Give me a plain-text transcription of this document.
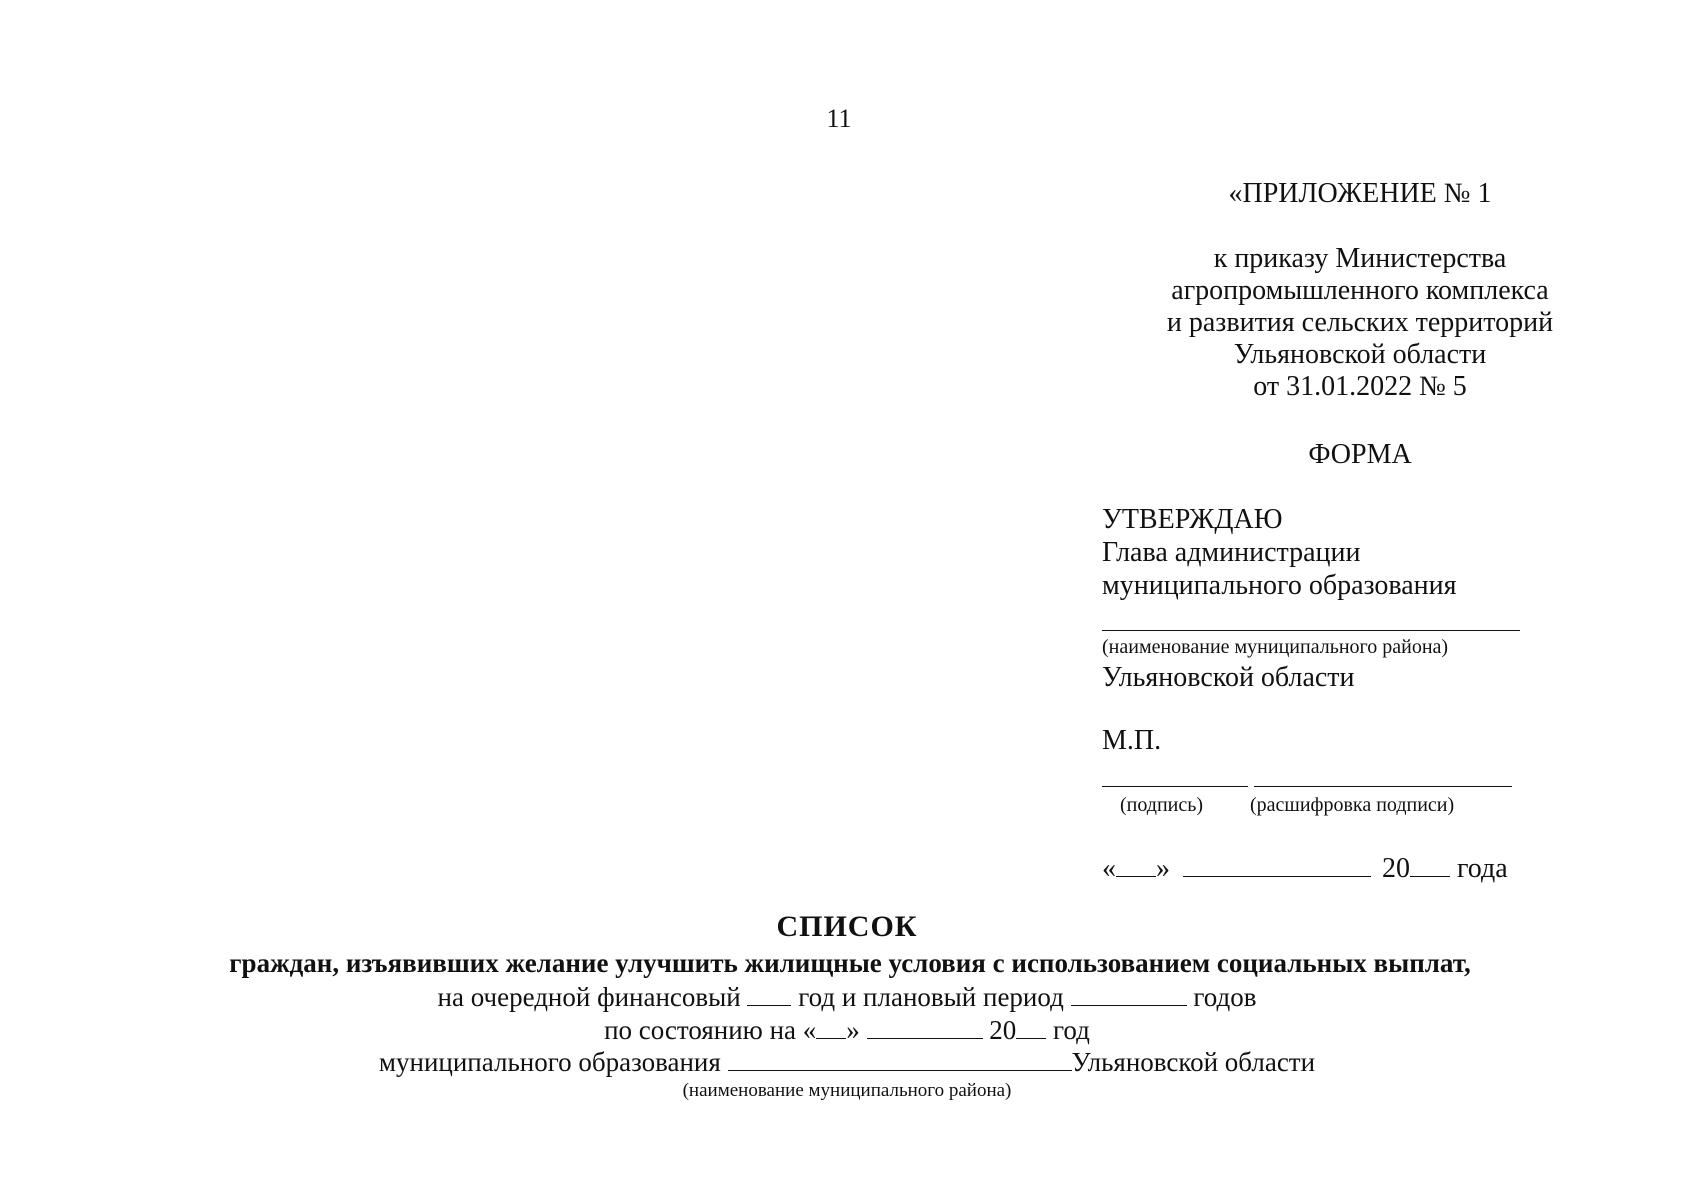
11
«ПРИЛОЖЕНИЕ № 1
к приказу Министерства
агропромышленного комплекса
и развития сельских территорий
Ульяновской области
от 31.01.2022 № 5
ФОРМА
УТВЕРЖДАЮ
Глава администрации
муниципального образования
(наименование муниципального района)
Ульяновской области
М.П.
(подпись) (расшифровка подписи)
« »	20 года
СПИСОК
граждан, изъявивших желание улучшить жилищные условия с использованием социальных выплат,
на очередной финансовый год и плановый период	годов
по состоянию на « »	20 год
муниципального образования	Ульяновской области
(наименование муниципального района)
